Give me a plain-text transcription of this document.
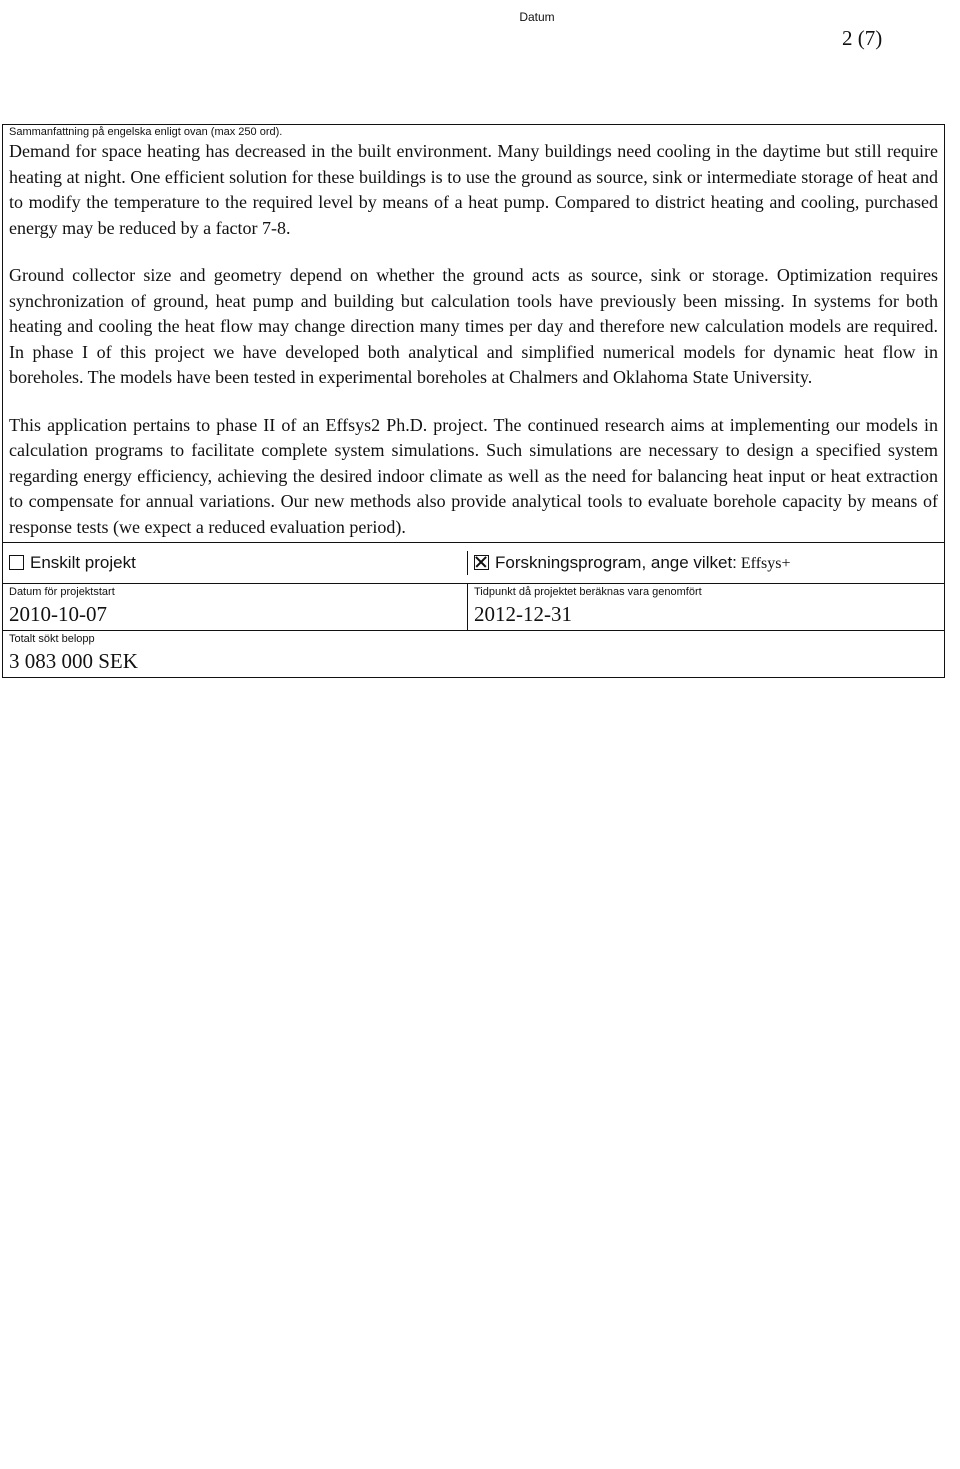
Datum
2 (7)
Sammanfattning på engelska enligt ovan (max 250 ord).

Demand for space heating has decreased in the built environment. Many buildings need cooling in the daytime but still require heating at night. One efficient solution for these buildings is to use the ground as source, sink or intermediate storage of heat and to modify the temperature to the required level by means of a heat pump. Compared to district heating and cooling, purchased energy may be reduced by a factor 7-8.

Ground collector size and geometry depend on whether the ground acts as source, sink or storage. Optimization requires synchronization of ground, heat pump and building but calculation tools have previously been missing. In systems for both heating and cooling the heat flow may change direction many times per day and therefore new calculation models are required. In phase I of this project we have developed both analytical and simplified numerical models for dynamic heat flow in boreholes. The models have been tested in experimental boreholes at Chalmers and Oklahoma State University.

This application pertains to phase II of an Effsys2 Ph.D. project. The continued research aims at implementing our models in calculation programs to facilitate complete system simulations. Such simulations are necessary to design a specified system regarding energy efficiency, achieving the desired indoor climate as well as the need for balancing heat input or heat extraction to compensate for annual variations. Our new methods also provide analytical tools to evaluate borehole capacity by means of response tests (we expect a reduced evaluation period).

Enskilt projekt	Forskningsprogram, ange vilket: Effsys+
Datum för projektstart
2010-10-07
Tidpunkt då projektet beräknas vara genomfört
2012-12-31
Totalt sökt belopp
3 083 000 SEK
